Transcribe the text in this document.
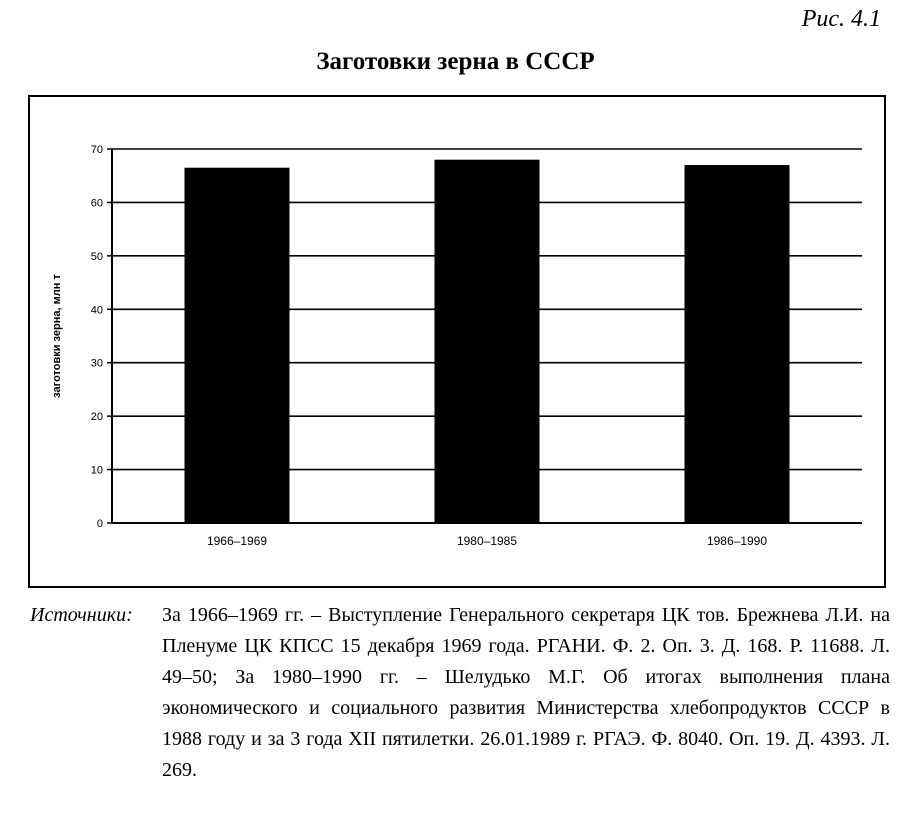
Рис. 4.1
Заготовки зерна в СССР
0
10
20
30
40
50
60
70
заготовки зерна, млн т
1966–1969	1980–1985	1986–1990
Источники: За 1966–1969 гг. – Выступление Генерального секретаря ЦК тов. Брежнева Л.И. на Пленуме ЦК КПСС 15 декабря 1969 года. РГАНИ. Ф. 2. Оп. 3. Д. 168. Р. 11688. Л. 49–50; За 1980–1990 гг. – Шелудько М.Г. Об итогах выполнения плана экономического и социального развития Министерства хлебопродуктов СССР в 1988 году и за 3 года XII пятилетки. 26.01.1989 г. РГАЭ. Ф. 8040. Оп. 19. Д. 4393. Л. 269.
